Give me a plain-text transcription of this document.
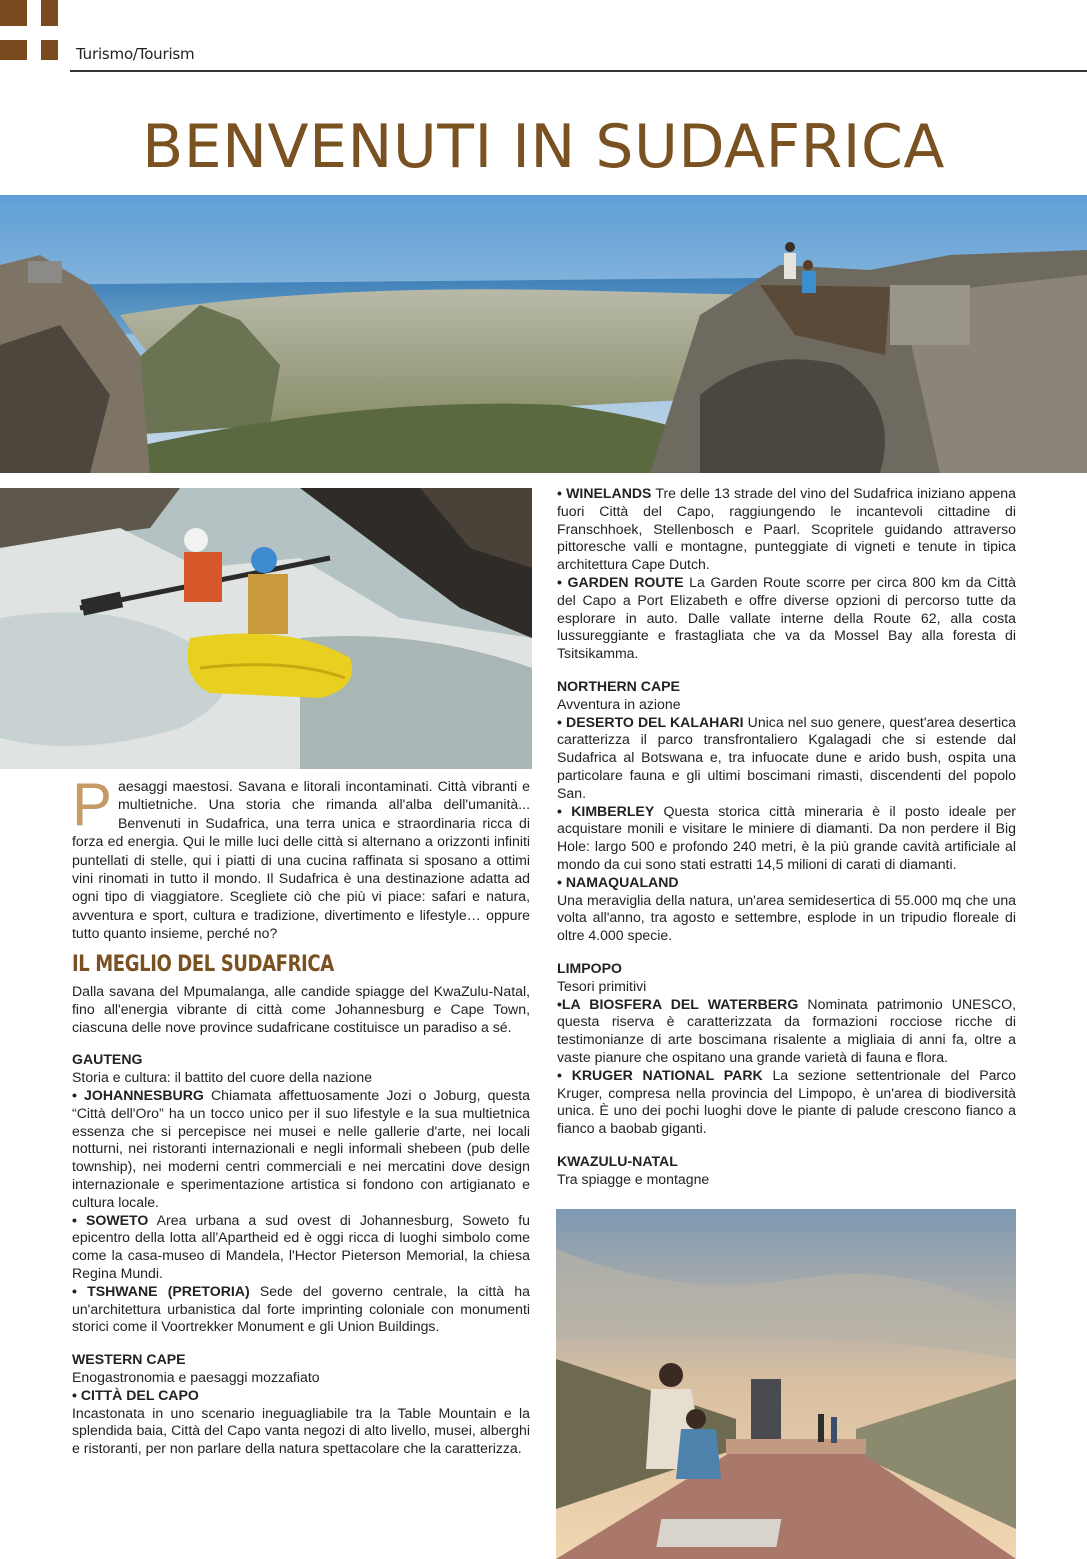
Turismo/Tourism
BENVENUTI IN SUDAFRICA
Paesaggi maestosi. Savana e litorali incontaminati. Città vibranti e multietniche. Una storia che rimanda all'alba dell'umanità... Benvenuti in Sudafrica, una terra unica e straordinaria ricca di forza ed energia. Qui le mille luci delle città si alternano a orizzonti infiniti puntellati di stelle, qui i piatti di una cucina raffinata si sposano a ottimi vini rinomati in tutto il mondo. Il Sudafrica è una destinazione adatta ad ogni tipo di viaggiatore. Scegliete ciò che più vi piace: safari e natura, avventura e sport, cultura e tradizione, divertimento e lifestyle… oppure tutto quanto insieme, perché no?
IL MEGLIO DEL SUDAFRICA

Dalla savana del Mpumalanga, alle candide spiagge del KwaZulu-Natal, fino all'energia vibrante di città come Johannesburg e Cape Town, ciascuna delle nove province sudafricane costituisce un paradiso a sé.

GAUTENG

Storia e cultura: il battito del cuore della nazione

• JOHANNESBURG Chiamata affettuosamente Jozi o Joburg, questa “Città dell'Oro” ha un tocco unico per il suo lifestyle e la sua multietnica essenza che si percepisce nei musei e nelle gallerie d'arte, nei locali notturni, nei ristoranti internazionali e negli informali shebeen (pub delle township), nei moderni centri commerciali e nei mercatini dove design internazionale e sperimentazione artistica si fondono con artigianato e cultura locale.

• SOWETO Area urbana a sud ovest di Johannesburg, Soweto fu epicentro della lotta all'Apartheid ed è oggi ricca di luoghi simbolo come come la casa-museo di Mandela, l'Hector Pieterson Memorial, la chiesa Regina Mundi.

• TSHWANE (PRETORIA) Sede del governo centrale, la città ha un'architettura urbanistica dal forte imprinting coloniale con monumenti storici come il Voortrekker Monument e gli Union Buildings.

WESTERN CAPE

Enogastronomia e paesaggi mozzafiato

• CITTÀ DEL CAPO

Incastonata in uno scenario ineguagliabile tra la Table Mountain e la splendida baia, Città del Capo vanta negozi di alto livello, musei, alberghi e ristoranti, per non parlare della natura spettacolare che la caratterizza.

• WINELANDS Tre delle 13 strade del vino del Sudafrica iniziano appena fuori Città del Capo, raggiungendo le incantevoli cittadine di Franschhoek, Stellenbosch e Paarl. Scopritele guidando attraverso pittoresche valli e montagne, punteggiate di vigneti e tenute in tipica architettura Cape Dutch.

• GARDEN ROUTE La Garden Route scorre per circa 800 km da Città del Capo a Port Elizabeth e offre diverse opzioni di percorso tutte da esplorare in auto. Dalle vallate interne della Route 62, alla costa lussureggiante e frastagliata che va da Mossel Bay alla foresta di Tsitsikamma.

NORTHERN CAPE

Avventura in azione

• DESERTO DEL KALAHARI Unica nel suo genere, quest'area desertica caratterizza il parco transfrontaliero Kgalagadi che si estende dal Sudafrica al Botswana e, tra infuocate dune e arido bush, ospita una particolare fauna e gli ultimi boscimani rimasti, discendenti del popolo San.

• KIMBERLEY Questa storica città mineraria è il posto ideale per acquistare monili e visitare le miniere di diamanti. Da non perdere il Big Hole: largo 500 e profondo 240 metri, è la più grande cavità artificiale al mondo da cui sono stati estratti 14,5 milioni di carati di diamanti.

• NAMAQUALAND

Una meraviglia della natura, un'area semidesertica di 55.000 mq che una volta all'anno, tra agosto e settembre, esplode in un tripudio floreale di oltre 4.000 specie.

LIMPOPO

Tesori primitivi

•LA BIOSFERA DEL WATERBERG Nominata patrimonio UNESCO, questa riserva è caratterizzata da formazioni rocciose ricche di testimonianze di arte boscimana risalente a migliaia di anni fa, oltre a vaste pianure che ospitano una grande varietà di fauna e flora.

• KRUGER NATIONAL PARK La sezione settentrionale del Parco Kruger, compresa nella provincia del Limpopo, è un'area di biodiversità unica. È uno dei pochi luoghi dove le piante di palude crescono fianco a fianco a baobab giganti.

KWAZULU-NATAL

Tra spiagge e montagne
